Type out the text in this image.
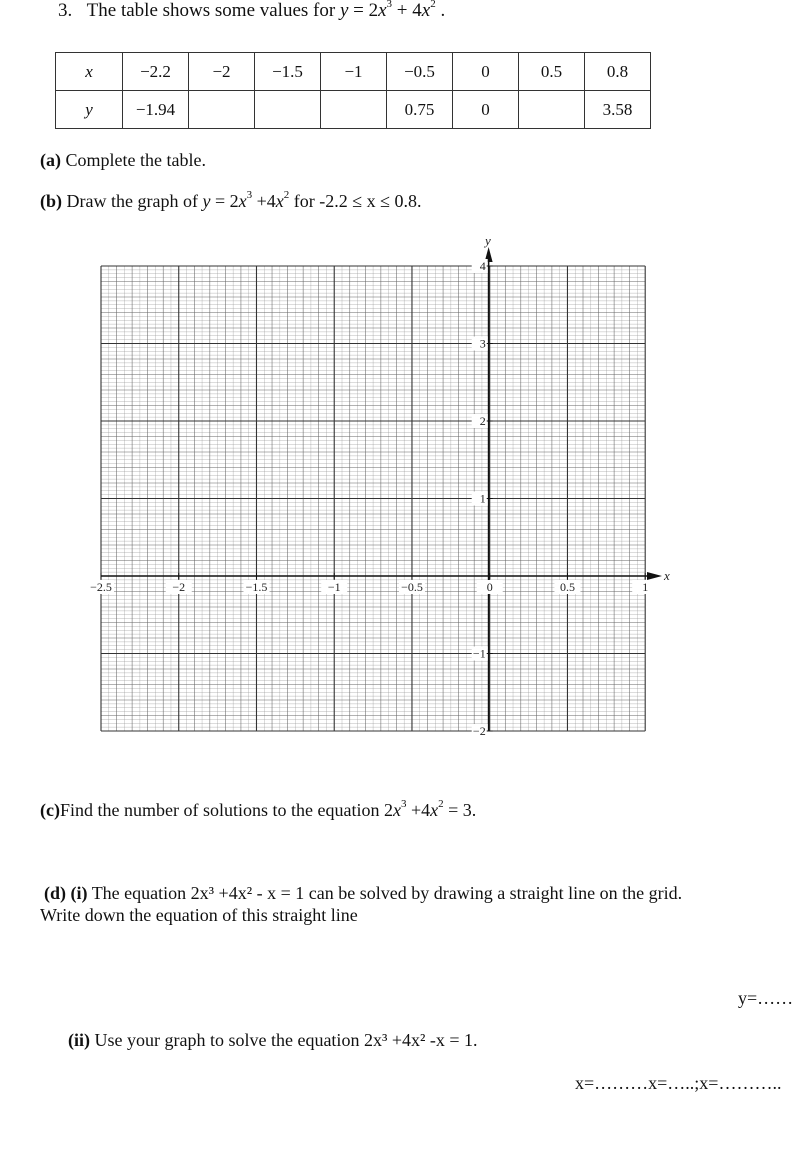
3. The table shows some values for $y = 2x^3 + 4x^2$ .
x	−2.2	−2	−1.5	−1	−0.5	0	0.5	0.8
y	−1.94				0.75	0		3.58
(a) Complete the table.
(b) Draw the graph of $y = 2x^3 +4x^2$ for -2.2 ≤ x ≤ 0.8.
x
y
−2.5	−2	−1.5	−1	−0.5	0	0.5	1
4
3
2
1
−1
−2
(c)Find the number of solutions to the equation $2x^3 +4x^2 = 3$.
(d) (i) The equation 2x³ +4x² - x = 1 can be solved by drawing a straight line on the grid.
Write down the equation of this straight line
y=……
(ii) Use your graph to solve the equation 2x³ +4x² -x = 1.
x=………x=…..;x=………..
